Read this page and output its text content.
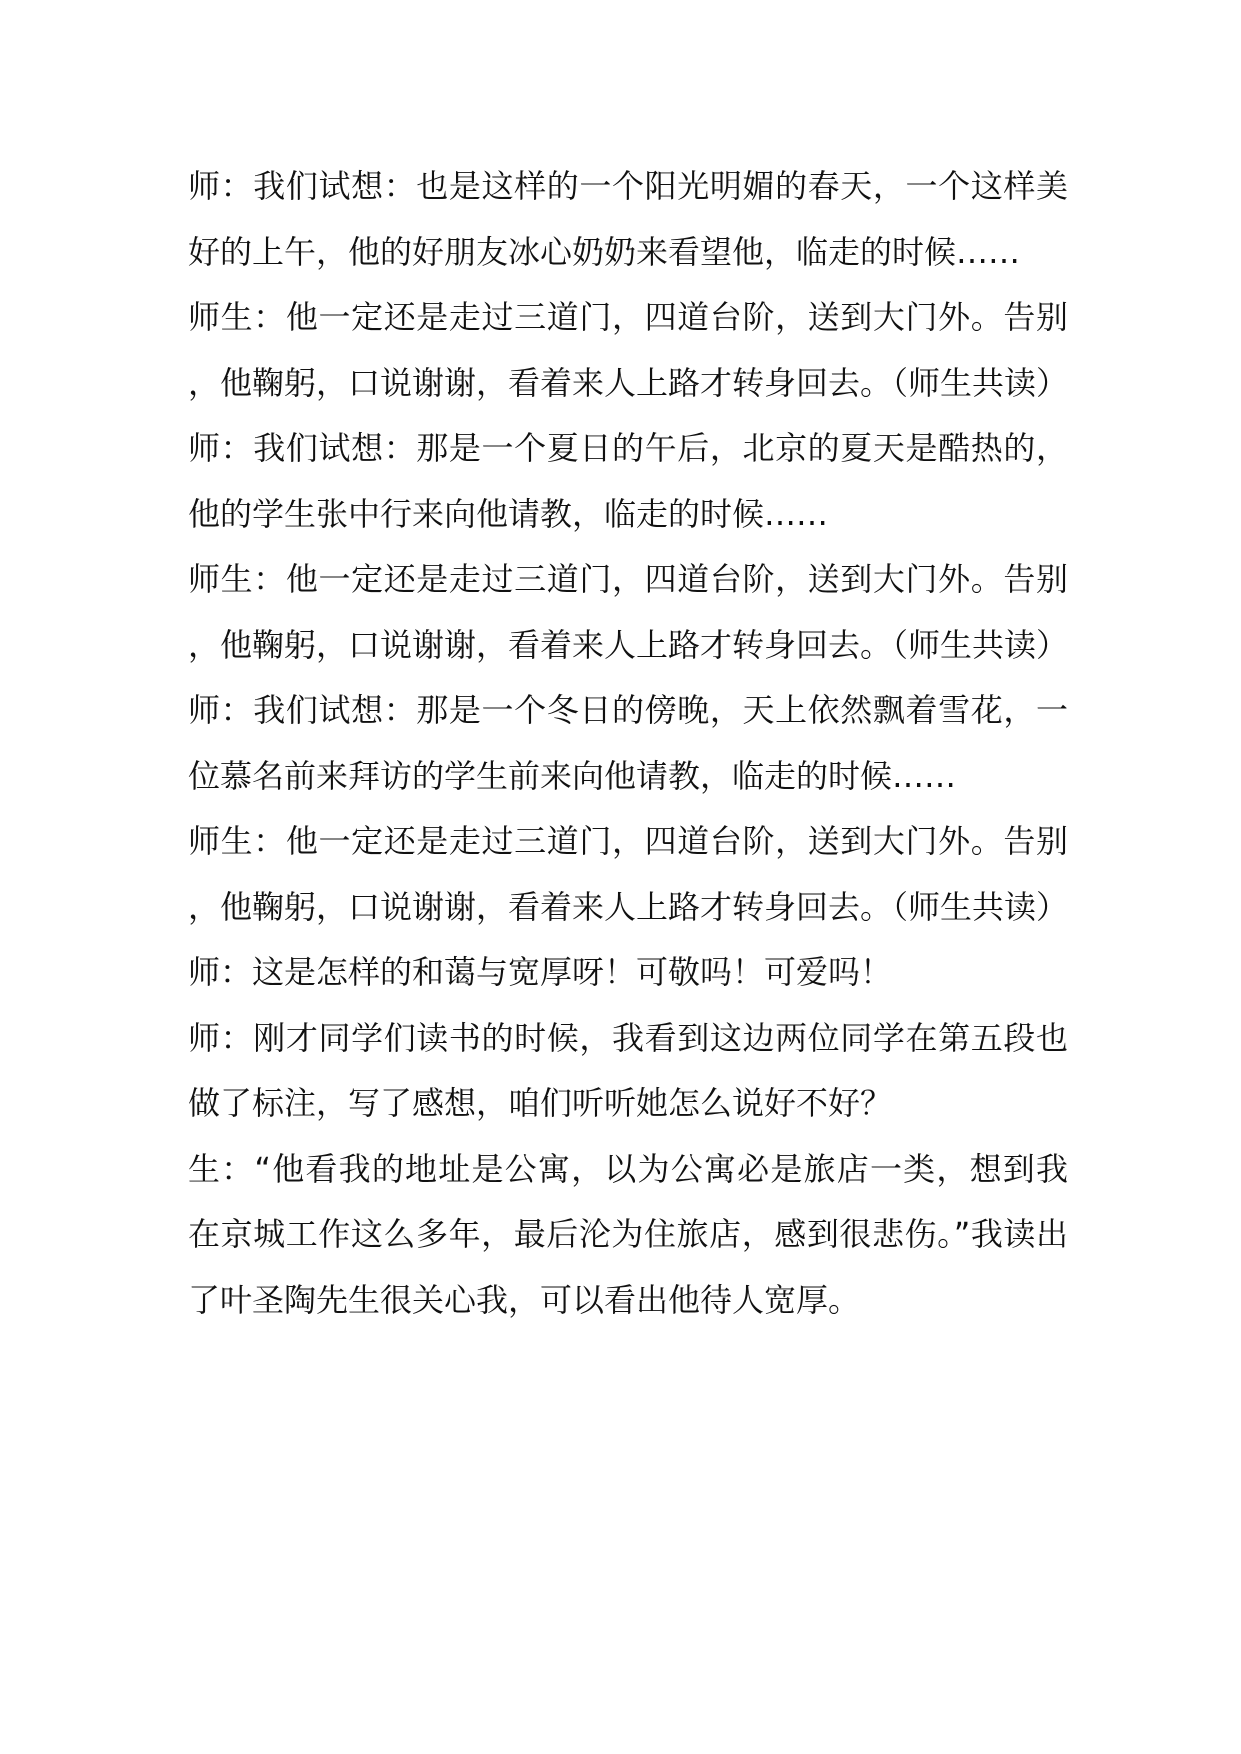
师：我们试想：也是这样的一个阳光明媚的春天，一个这样美好的上午，他的好朋友冰心奶奶来看望他，临走的时候……

师生：他一定还是走过三道门，四道台阶，送到大门外。告别，他鞠躬，口说谢谢，看着来人上路才转身回去。（师生共读）

师：我们试想：那是一个夏日的午后，北京的夏天是酷热的，他的学生张中行来向他请教，临走的时候……

师生：他一定还是走过三道门，四道台阶，送到大门外。告别，他鞠躬，口说谢谢，看着来人上路才转身回去。（师生共读）

师：我们试想：那是一个冬日的傍晚，天上依然飘着雪花，一位慕名前来拜访的学生前来向他请教，临走的时候……

师生：他一定还是走过三道门，四道台阶，送到大门外。告别，他鞠躬，口说谢谢，看着来人上路才转身回去。（师生共读）

师：这是怎样的和蔼与宽厚呀！可敬吗！可爱吗！

师：刚才同学们读书的时候，我看到这边两位同学在第五段也做了标注，写了感想，咱们听听她怎么说好不好？

生：“他看我的地址是公寓，以为公寓必是旅店一类，想到我在京城工作这么多年，最后沦为住旅店，感到很悲伤。”我读出了叶圣陶先生很关心我，可以看出他待人宽厚。
